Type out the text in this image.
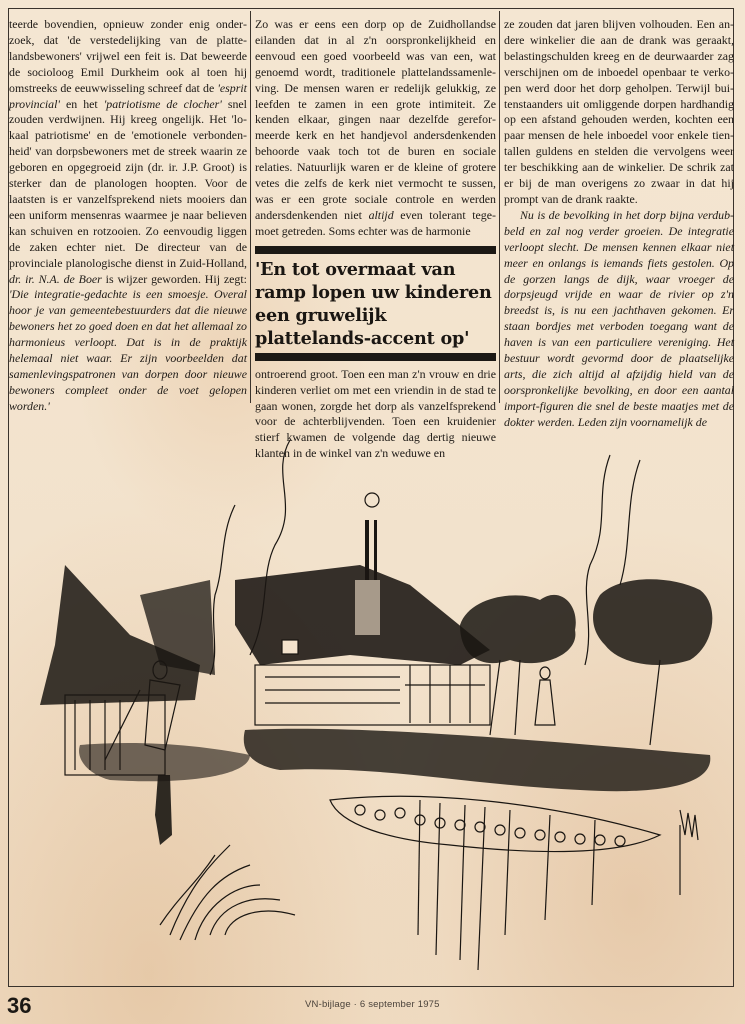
teerde bovendien, opnieuw zonder enig onderzoek, dat 'de verstedelijking van de plattelandsbewoners' vrijwel een feit is. Dat beweerde de socioloog Emil Durkheim ook al toen hij omstreeks de eeuwwisseling schreef dat de 'esprit provincial' en het 'patriotisme de clocher' snel zouden verdwijnen. Hij kreeg ongelijk. Het 'lokaal patriotisme' en de 'emotionele verbondenheid' van dorpsbewoners met de streek waarin ze geboren en opgegroeid zijn (dr. ir. J.P. Groot) is sterker dan de planologen hoopten. Voor de laatsten is er vanzelfsprekend niets mooiers dan een uniform mensenras waarmee je naar believen kan schuiven en rotzooien. Zo eenvoudig liggen de zaken echter niet. De directeur van de provinciale planologische dienst in Zuid-Holland, dr. ir. N.A. de Boer is wijzer geworden. Hij zegt: 'Die integratie-gedachte is een smoesje. Overal hoor je van gemeentebestuurders dat die nieuwe bewoners het zo goed doen en dat het allemaal zo harmonieus verloopt. Dat is in de praktijk helemaal niet waar. Er zijn voorbeelden dat samenlevingspatronen van dorpen door nieuwe bewoners compleet onder de voet gelopen worden.'

Zo was er eens een dorp op de Zuidhollandse eilanden dat in al z'n oorspronkelijkheid en eenvoud een goed voorbeeld was van een, wat genoemd wordt, traditionele plattelandssamenleving. De mensen waren er redelijk gelukkig, ze leefden te zamen in een grote intimiteit. Ze kenden elkaar, gingen naar dezelfde gereformeerde kerk en het handjevol andersdenkenden behoorde vaak toch tot de buren en sociale relaties. Natuurlijk waren er de kleine of grotere vetes die zelfs de kerk niet vermocht te sussen, was er een grote sociale controle en werden andersdenkenden niet altijd even tolerant tegemoet getreden. Soms echter was de harmonie

'En tot overmaat van ramp lopen uw kinderen een gruwelijk plattelands-accent op'

ontroerend groot. Toen een man z'n vrouw en drie kinderen verliet om met een vriendin in de stad te gaan wonen, zorgde het dorp als vanzelfsprekend voor de achterblijvenden. Toen een kruidenier stierf kwamen de volgende dag dertig nieuwe klanten in de winkel van z'n weduwe en

ze zouden dat jaren blijven volhouden. Een andere winkelier die aan de drank was geraakt, belastingschulden kreeg en de deurwaarder zag verschijnen om de inboedel openbaar te verkopen werd door het dorp geholpen. Terwijl buitenstaanders uit omliggende dorpen hardhandig op een afstand gehouden werden, kochten een paar mensen de hele inboedel voor enkele tientallen guldens en stelden die vervolgens weer ter beschikking aan de winkelier. De schrik zat er bij de man overigens zo zwaar in dat hij prompt van de drank raakte.

Nu is de bevolking in het dorp bijna verdubbeld en zal nog verder groeien. De integratie verloopt slecht. De mensen kennen elkaar niet meer en onlangs is iemands fiets gestolen. Op de gorzen langs de dijk, waar vroeger de dorpsjeugd vrijde en waar de rivier op z'n breedst is, is nu een jachthaven gekomen. Er staan bordjes met verboden toegang want de haven is van een particuliere vereniging. Het bestuur wordt gevormd door de plaatselijke arts, die zich altijd al afzijdig hield van de oorspronkelijke bevolking, en door een aantal import-figuren die snel de beste maatjes met de dokter werden. Leden zijn voornamelijk de

36	VN-bijlage · 6 september 1975
